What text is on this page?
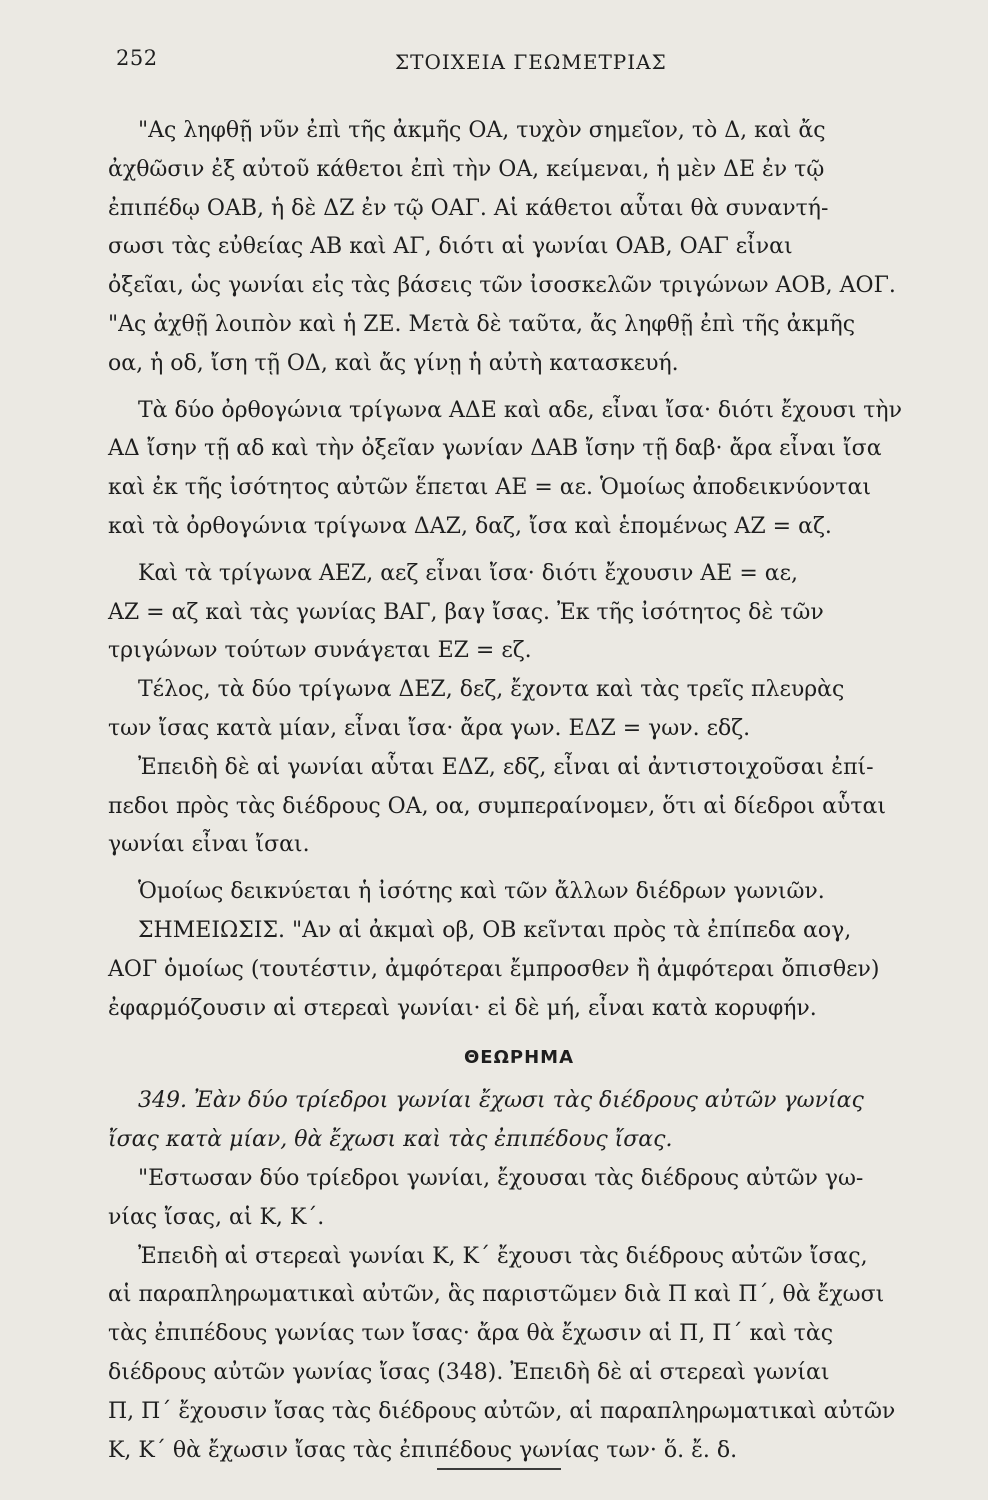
252	ΣΤΟΙΧΕΙΑ ΓΕΩΜΕΤΡΙΑΣ
"Ας ληφθῇ νῦν ἐπὶ τῆς ἀκμῆς ΟΑ, τυχὸν σημεῖον, τὸ Δ, καὶ ἄς
ἀχθῶσιν ἐξ αὐτοῦ κάθετοι ἐπὶ τὴν ΟΑ, κείμεναι, ἡ μὲν ΔΕ ἐν τῷ
ἐπιπέδῳ ΟΑΒ, ἡ δὲ ΔΖ ἐν τῷ ΟΑΓ. Αἱ κάθετοι αὗται θὰ συναντή-
σωσι τὰς εὐθείας ΑΒ καὶ ΑΓ, διότι αἱ γωνίαι ΟΑΒ, ΟΑΓ εἶναι
ὀξεῖαι, ὡς γωνίαι εἰς τὰς βάσεις τῶν ἰσοσκελῶν τριγώνων ΑΟΒ, ΑΟΓ.
"Ας ἀχθῇ λοιπὸν καὶ ἡ ΖΕ. Μετὰ δὲ ταῦτα, ἄς ληφθῇ ἐπὶ τῆς ἀκμῆς
οα, ἡ οδ, ἴση τῇ ΟΔ, καὶ ἄς γίνῃ ἡ αὐτὴ κατασκευή.
Τὰ δύο ὀρθογώνια τρίγωνα ΑΔΕ καὶ αδε, εἶναι ἴσα· διότι ἔχουσι τὴν
ΑΔ ἴσην τῇ αδ καὶ τὴν ὀξεῖαν γωνίαν ΔΑΒ ἴσην τῇ δαβ· ἄρα εἶναι ἴσα
καὶ ἐκ τῆς ἰσότητος αὐτῶν ἕπεται ΑΕ = αε. Ὁμοίως ἀποδεικνύονται
καὶ τὰ ὀρθογώνια τρίγωνα ΔΑΖ, δαζ, ἴσα καὶ ἑπομένως ΑΖ = αζ.
Καὶ τὰ τρίγωνα ΑΕΖ, αεζ εἶναι ἴσα· διότι ἔχουσιν ΑΕ = αε,
ΑΖ = αζ καὶ τὰς γωνίας ΒΑΓ, βαγ ἴσας. Ἐκ τῆς ἰσότητος δὲ τῶν
τριγώνων τούτων συνάγεται ΕΖ = εζ.
Τέλος, τὰ δύο τρίγωνα ΔΕΖ, δεζ, ἔχοντα καὶ τὰς τρεῖς πλευρὰς
των ἴσας κατὰ μίαν, εἶναι ἴσα· ἄρα γων. ΕΔΖ = γων. εδζ.
Ἐπειδὴ δὲ αἱ γωνίαι αὗται ΕΔΖ, εδζ, εἶναι αἱ ἀντιστοιχοῦσαι ἐπί-
πεδοι πρὸς τὰς διέδρους ΟΑ, οα, συμπεραίνομεν, ὅτι αἱ δίεδροι αὗται
γωνίαι εἶναι ἴσαι.
Ὁμοίως δεικνύεται ἡ ἰσότης καὶ τῶν ἄλλων διέδρων γωνιῶν.
ΣΗΜΕΙΩΣΙΣ. "Αν αἱ ἀκμαὶ οβ, ΟΒ κεῖνται πρὸς τὰ ἐπίπεδα αογ,
ΑΟΓ ὁμοίως (τουτέστιν, ἀμφότεραι ἔμπροσθεν ἢ ἀμφότεραι ὄπισθεν)
ἐφαρμόζουσιν αἱ στερεαὶ γωνίαι· εἰ δὲ μή, εἶναι κατὰ κορυφήν.
ΘΕΩΡΗΜΑ
349. Ἐὰν δύο τρίεδροι γωνίαι ἔχωσι τὰς διέδρους αὐτῶν γωνίας
ἴσας κατὰ μίαν, θὰ ἔχωσι καὶ τὰς ἐπιπέδους ἴσας.
"Εστωσαν δύο τρίεδροι γωνίαι, ἔχουσαι τὰς διέδρους αὐτῶν γω-
νίας ἴσας, αἱ Κ, Κ΄.
Ἐπειδὴ αἱ στερεαὶ γωνίαι Κ, Κ΄ ἔχουσι τὰς διέδρους αὐτῶν ἴσας,
αἱ παραπληρωματικαὶ αὐτῶν, ἃς παριστῶμεν διὰ Π καὶ Π΄, θὰ ἔχωσι
τὰς ἐπιπέδους γωνίας των ἴσας· ἄρα θὰ ἔχωσιν αἱ Π, Π΄ καὶ τὰς
διέδρους αὐτῶν γωνίας ἴσας (348). Ἐπειδὴ δὲ αἱ στερεαὶ γωνίαι
Π, Π΄ ἔχουσιν ἴσας τὰς διέδρους αὐτῶν, αἱ παραπληρωματικαὶ αὐτῶν
Κ, Κ΄ θὰ ἔχωσιν ἴσας τὰς ἐπιπέδους γωνίας των· ὅ. ἔ. δ.
